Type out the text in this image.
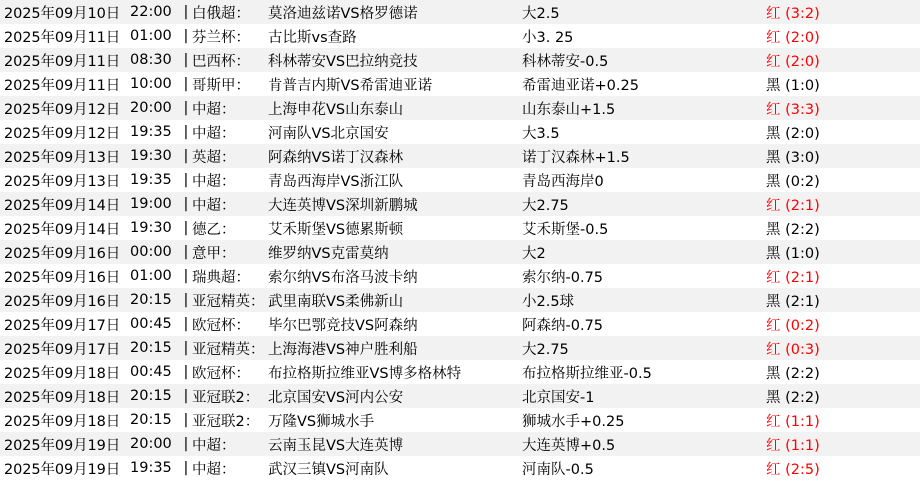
2025年09月10日 22:00 | 白俄超：	莫洛迪兹诺VS格罗德诺	大2.5	红 (3:2)
2025年09月11日 01:00 | 芬兰杯：	古比斯vs查路	小3. 25	红 (2:0)
2025年09月11日 08:30 | 巴西杯：	科林蒂安VS巴拉纳竞技	科林蒂安-0.5	红 (2:0)
2025年09月11日 10:00 | 哥斯甲：	肯普吉内斯VS希雷迪亚诺	希雷迪亚诺+0.25	黑 (1:0)
2025年09月12日 20:00 | 中超：	上海申花VS山东泰山	山东泰山+1.5	红 (3:3)
2025年09月12日 19:35 | 中超：	河南队VS北京国安	大3.5	黑 (2:0)
2025年09月13日 19:30 | 英超：	阿森纳VS诺丁汉森林	诺丁汉森林+1.5	黑 (3:0)
2025年09月13日 19:35 | 中超：	青岛西海岸VS浙江队	青岛西海岸0	黑 (0:2)
2025年09月14日 19:00 | 中超：	大连英博VS深圳新鹏城	大2.75	红 (2:1)
2025年09月14日 19:30 | 德乙：	艾禾斯堡VS德累斯顿	艾禾斯堡-0.5	黑 (2:2)
2025年09月16日 00:00 | 意甲：	维罗纳VS克雷莫纳	大2	黑 (1:0)
2025年09月16日 01:00 | 瑞典超：	索尔纳VS布洛马波卡纳	索尔纳-0.75	红 (2:1)
2025年09月16日 20:15 | 亚冠精英： 武里南联VS柔佛新山	小2.5球	黑 (2:1)
2025年09月17日 00:45 | 欧冠杯：	毕尔巴鄂竞技VS阿森纳	阿森纳-0.75	红 (0:2)
2025年09月17日 20:15 | 亚冠精英： 上海海港VS神户胜利船	大2.75	红 (0:3)
2025年09月18日 00:45 | 欧冠杯：	布拉格斯拉维亚VS博多格林特	布拉格斯拉维亚-0.5	黑 (2:2)
2025年09月18日 20:15 | 亚冠联2： 北京国安VS河内公安	北京国安-1	黑 (2:2)
2025年09月18日 20:15 | 亚冠联2： 万隆VS狮城水手	狮城水手+0.25	红 (1:1)
2025年09月19日 20:00 | 中超：	云南玉昆VS大连英博	大连英博+0.5	红 (1:1)
2025年09月19日 19:35 | 中超：	武汉三镇VS河南队	河南队-0.5	红 (2:5)
